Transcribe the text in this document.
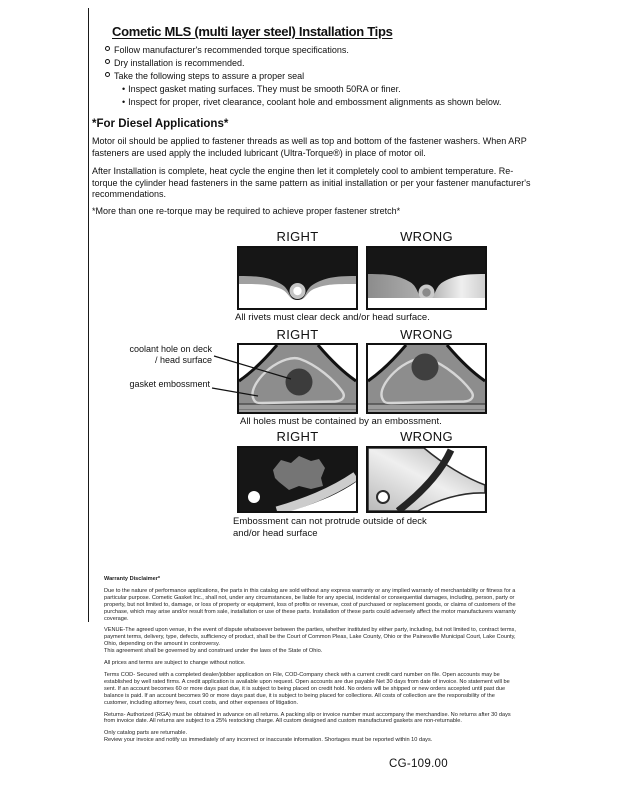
Cometic MLS (multi layer steel) Installation Tips
Follow manufacturer's recommended torque specifications.
Dry installation is recommended.
Take the following steps to assure a proper seal
• Inspect gasket mating surfaces. They must be smooth 50RA or finer.
• Inspect for proper, rivet clearance, coolant hole and embossment alignments as shown below.
*For Diesel Applications*
Motor oil should be applied to fastener threads as well as top and bottom of the fastener washers. When ARP fasteners are used apply the included lubricant (Ultra-Torque®) in place of motor oil.
After Installation is complete, heat cycle the engine then let it completely cool to ambient temperature. Re-torque the cylinder head fasteners in the same pattern as initial installation or per your fastener manufacturer's recommendations.
*More than one re-torque may be required to achieve proper fastener stretch*
RIGHT	WRONG
All rivets must clear deck and/or head surface.
RIGHT	WRONG
coolant hole on deck / head surface
gasket embossment
All holes must be contained by an embossment.
RIGHT	WRONG
Embossment can not protrude outside of deck and/or head surface

Warranty Disclaimer*

Due to the nature of performance applications, the parts in this catalog are sold without any express warranty or any implied warranty of merchantability or fitness for a particular purpose. Cometic Gasket Inc., shall not, under any circumstances, be liable for any special, incidental or consequential damages, including, person, party or property, but not limited to, damage, or loss of property or equipment, loss of profits or revenue, cost of purchased or replacement goods, or claims of customers of the purchase, which may arise and/or result from sale, installation or use of these parts. Installation of these parts could adversely affect the motor manufacturers warranty coverage.

VENUE-The agreed upon venue, in the event of dispute whatsoever between the parties, whether instituted by either party, including, but not limited to, contract terms, payment terms, delivery, type, defects, sufficiency of product, shall be the Court of Common Pleas, Lake County, Ohio or the Painesville Municipal Court, Lake County, Ohio, depending on the amount in controversy.

This agreement shall be governed by and construed under the laws of the State of Ohio.

All prices and terms are subject to change without notice.

Terms COD- Secured with a completed dealer/jobber application on File, COD-Company check with a current credit card number on file. Open accounts may be established by well rated firms. A credit application is available upon request. Open accounts are due payable Net 30 days from date of invoice. No statement will be sent. If an account becomes 60 or more days past due, it is subject to being placed on credit hold. No orders will be shipped or new orders accepted until past due balance is paid. If an account becomes 90 or more days past due, it is subject to being placed for collections. All costs of collection are the responsibility of the customer, including attorney fees, court costs, and other expenses of litigation.

Returns- Authorized (RGA) must be obtained in advance on all returns. A packing slip or invoice number must accompany the merchandise. No returns after 30 days from invoice date. All returns are subject to a 25% restocking charge. All custom designed and custom manufactured gaskets are non-returnable.

Only catalog parts are returnable.

Review your invoice and notify us immediately of any incorrect or inaccurate information. Shortages must be reported within 10 days.

CG-109.00
